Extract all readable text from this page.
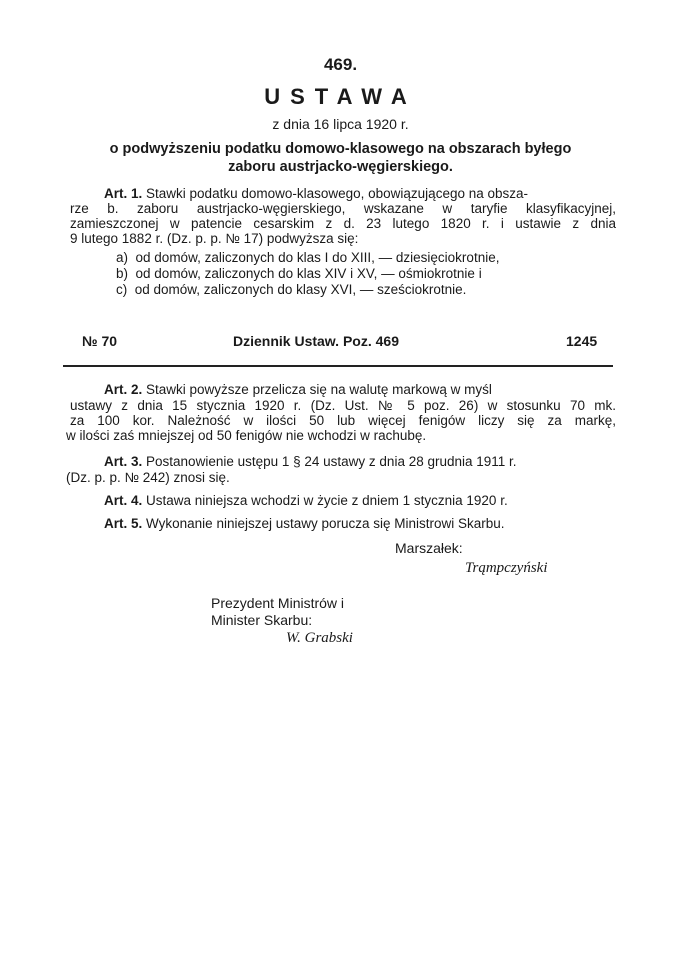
469.
USTAWA
z dnia 16 lipca 1920 r.
o podwyższeniu podatku domowo-klasowego na obszarach byłego
zaboru austrjacko-węgierskiego.
Art. 1. Stawki podatku domowo-klasowego, obowiązującego na obsza-
rze b. zaboru austrjacko-węgierskiego, wskazane w taryfie klasyfikacyjnej,
zamieszczonej w patencie cesarskim z d. 23 lutego 1820 r. i ustawie z dnia
9 lutego 1882 r. (Dz. p. p. № 17) podwyższa się:
a) od domów, zaliczonych do klas I do XIII, — dziesięciokrotnie,
b) od domów, zaliczonych do klas XIV i XV, — ośmiokrotnie i
c) od domów, zaliczonych do klasy XVI, — sześciokrotnie.
№ 70	Dziennik Ustaw. Poz. 469	1245
Art. 2. Stawki powyższe przelicza się na walutę markową w myśl
ustawy z dnia 15 stycznia 1920 r. (Dz. Ust. № 5 poz. 26) w stosunku 70 mk.
za 100 kor. Należność w ilości 50 lub więcej fenigów liczy się za markę,
w ilości zaś mniejszej od 50 fenigów nie wchodzi w rachubę.
Art. 3. Postanowienie ustępu 1 § 24 ustawy z dnia 28 grudnia 1911 r.
(Dz. p. p. № 242) znosi się.
Art. 4. Ustawa niniejsza wchodzi w życie z dniem 1 stycznia 1920 r.
Art. 5. Wykonanie niniejszej ustawy porucza się Ministrowi Skarbu.
Marszałek:
Trąmpczyński
Prezydent Ministrów i
Minister Skarbu:
W. Grabski
